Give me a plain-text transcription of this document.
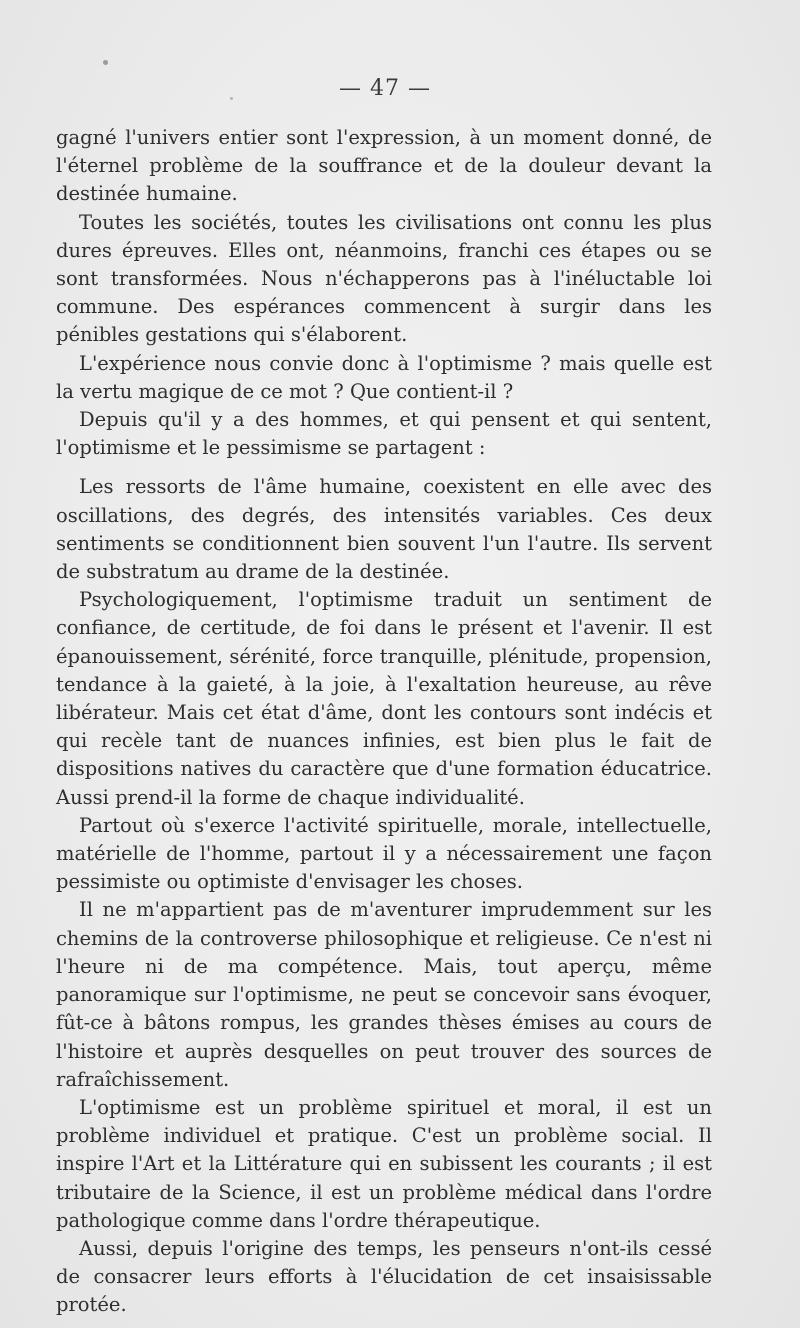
— 47 —

gagné l'univers entier sont l'expression, à un moment donné, de l'éternel problème de la souffrance et de la douleur devant la destinée humaine.

Toutes les sociétés, toutes les civilisations ont connu les plus dures épreuves. Elles ont, néanmoins, franchi ces étapes ou se sont transformées. Nous n'échapperons pas à l'inéluctable loi commune. Des espérances commencent à surgir dans les pénibles gestations qui s'élaborent.

L'expérience nous convie donc à l'optimisme ? mais quelle est la vertu magique de ce mot ? Que contient-il ?

Depuis qu'il y a des hommes, et qui pensent et qui sentent, l'optimisme et le pessimisme se partagent :

Les ressorts de l'âme humaine, coexistent en elle avec des oscillations, des degrés, des intensités variables. Ces deux sentiments se conditionnent bien souvent l'un l'autre. Ils servent de substratum au drame de la destinée.

Psychologiquement, l'optimisme traduit un sentiment de confiance, de certitude, de foi dans le présent et l'avenir. Il est épanouissement, sérénité, force tranquille, plénitude, propension, tendance à la gaieté, à la joie, à l'exaltation heureuse, au rêve libérateur. Mais cet état d'âme, dont les contours sont indécis et qui recèle tant de nuances infinies, est bien plus le fait de dispositions natives du caractère que d'une formation éducatrice. Aussi prend-il la forme de chaque individualité.

Partout où s'exerce l'activité spirituelle, morale, intellectuelle, matérielle de l'homme, partout il y a nécessairement une façon pessimiste ou optimiste d'envisager les choses.

Il ne m'appartient pas de m'aventurer imprudemment sur les chemins de la controverse philosophique et religieuse. Ce n'est ni l'heure ni de ma compétence. Mais, tout aperçu, même panoramique sur l'optimisme, ne peut se concevoir sans évoquer, fût-ce à bâtons rompus, les grandes thèses émises au cours de l'histoire et auprès desquelles on peut trouver des sources de rafraîchissement.

L'optimisme est un problème spirituel et moral, il est un problème individuel et pratique. C'est un problème social. Il inspire l'Art et la Littérature qui en subissent les courants ; il est tributaire de la Science, il est un problème médical dans l'ordre pathologique comme dans l'ordre thérapeutique.

Aussi, depuis l'origine des temps, les penseurs n'ont-ils cessé de consacrer leurs efforts à l'élucidation de cet insaisissable protée.
